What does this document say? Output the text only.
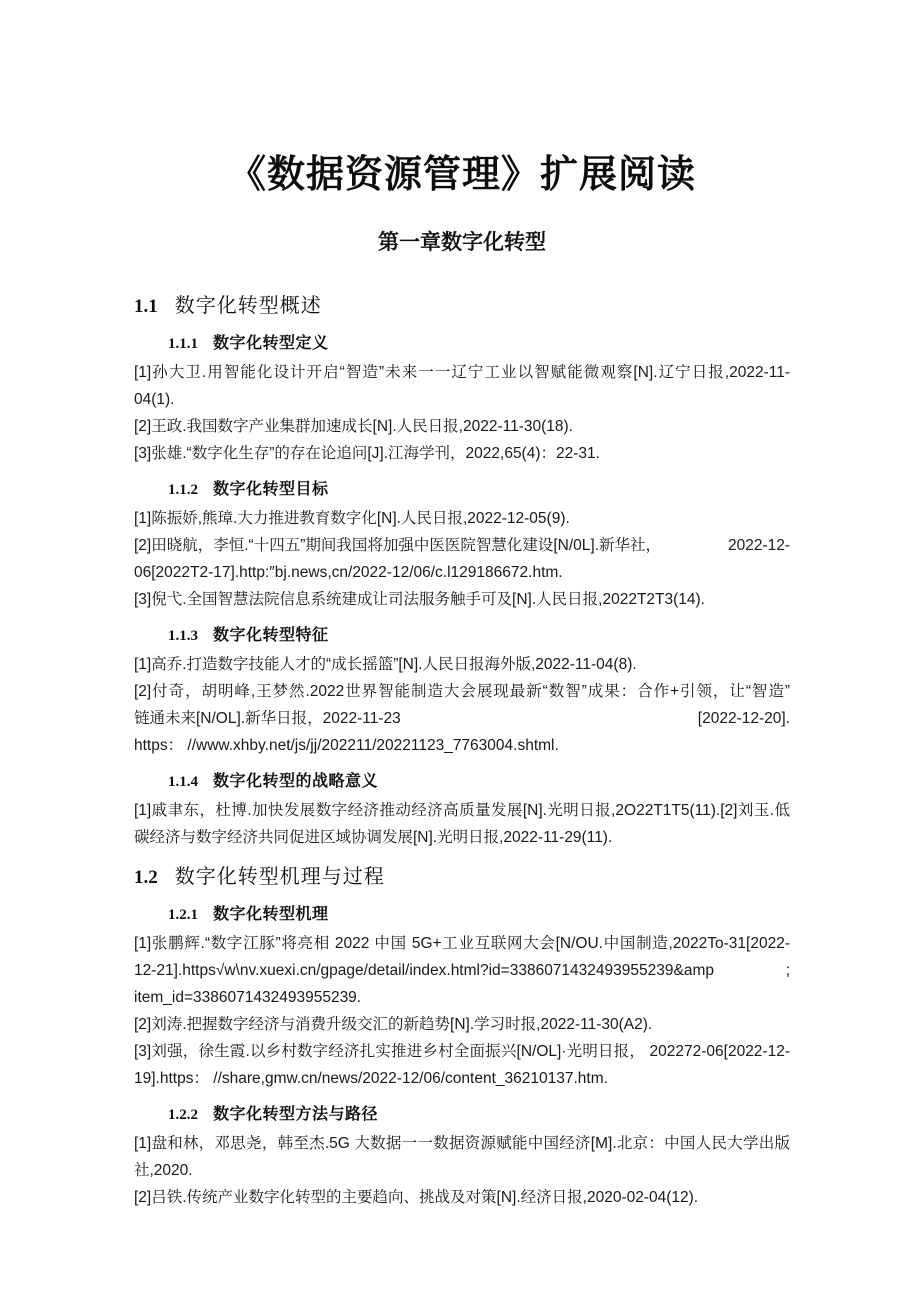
《数据资源管理》扩展阅读
第一章数字化转型
1.1 数字化转型概述
1.1.1 数字化转型定义
[1]孙大卫.用智能化设计开启“智造”未来一一辽宁工业以智赋能微观察[N].辽宁日报,2022-11-
04(1).
[2]王政.我国数字产业集群加速成长[N].人民日报,2022-11-30(18).
[3]张雄.“数字化生存”的存在论追问[J].江海学刊，2022,65(4)：22-31.
1.1.2 数字化转型目标
[1]陈振娇,熊璋.大力推进教育数字化[N].人民日报,2022-12-05(9).
[2]田晓航，李恒.“十四五”期间我国将加强中医医院智慧化建设[N/0L].新华社，	2022-12-
06[2022T2-17].http:″bj.news,cn/2022-12/06/c.l129186672.htm.
[3]倪弋.全国智慧法院信息系统建成让司法服务触手可及[N].人民日报,2022T2T3(14).
1.1.3 数字化转型特征
[1]高乔.打造数字技能人才的“成长摇篮”[N].人民日报海外版,2022-11-04(8).
[2]付奇，胡明峰,王梦然.2022世界智能制造大会展现最新“数智”成果：合作+引领，让“智造”
链通未来[N/OL].新华日报，2022-11-23	[2022-12-20].
https： //www.xhby.net/js/jj/202211/20221123_7763004.shtml.
1.1.4 数字化转型的战略意义
[1]戚聿东，杜博.加快发展数字经济推动经济高质量发展[N].光明日报,2O22T1T5(11).[2]刘玉.低
碳经济与数字经济共同促进区域协调发展[N].光明日报,2022-11-29(11).
1.2 数字化转型机理与过程
1.2.1 数字化转型机理
[1]张鹏辉.“数字江豚”将亮相 2022 中国 5G+工业互联网大会[N/OU.中国制造,2022To-31[2022-
12-21].https√w\nv.xuexi.cn/gpage/detail/index.html?id=3386071432493955239&amp	;
item_id=3386071432493955239.
[2]刘涛.把握数字经济与消费升级交汇的新趋势[N].学习时报,2022-11-30(A2).
[3]刘强，徐生霞.以乡村数字经济扎实推进乡村全面振兴[N/OL]·光明日报， 202272-06[2022-12-
19].https： //share,gmw.cn/news/2022-12/06/content_36210137.htm.
1.2.2 数字化转型方法与路径
[1]盘和林，邓思尧，韩至杰.5G 大数据一一数据资源赋能中国经济[M].北京：中国人民大学出版
社,2020.
[2]吕铁.传统产业数字化转型的主要趋向、挑战及对策[N].经济日报,2020-02-04(12).
